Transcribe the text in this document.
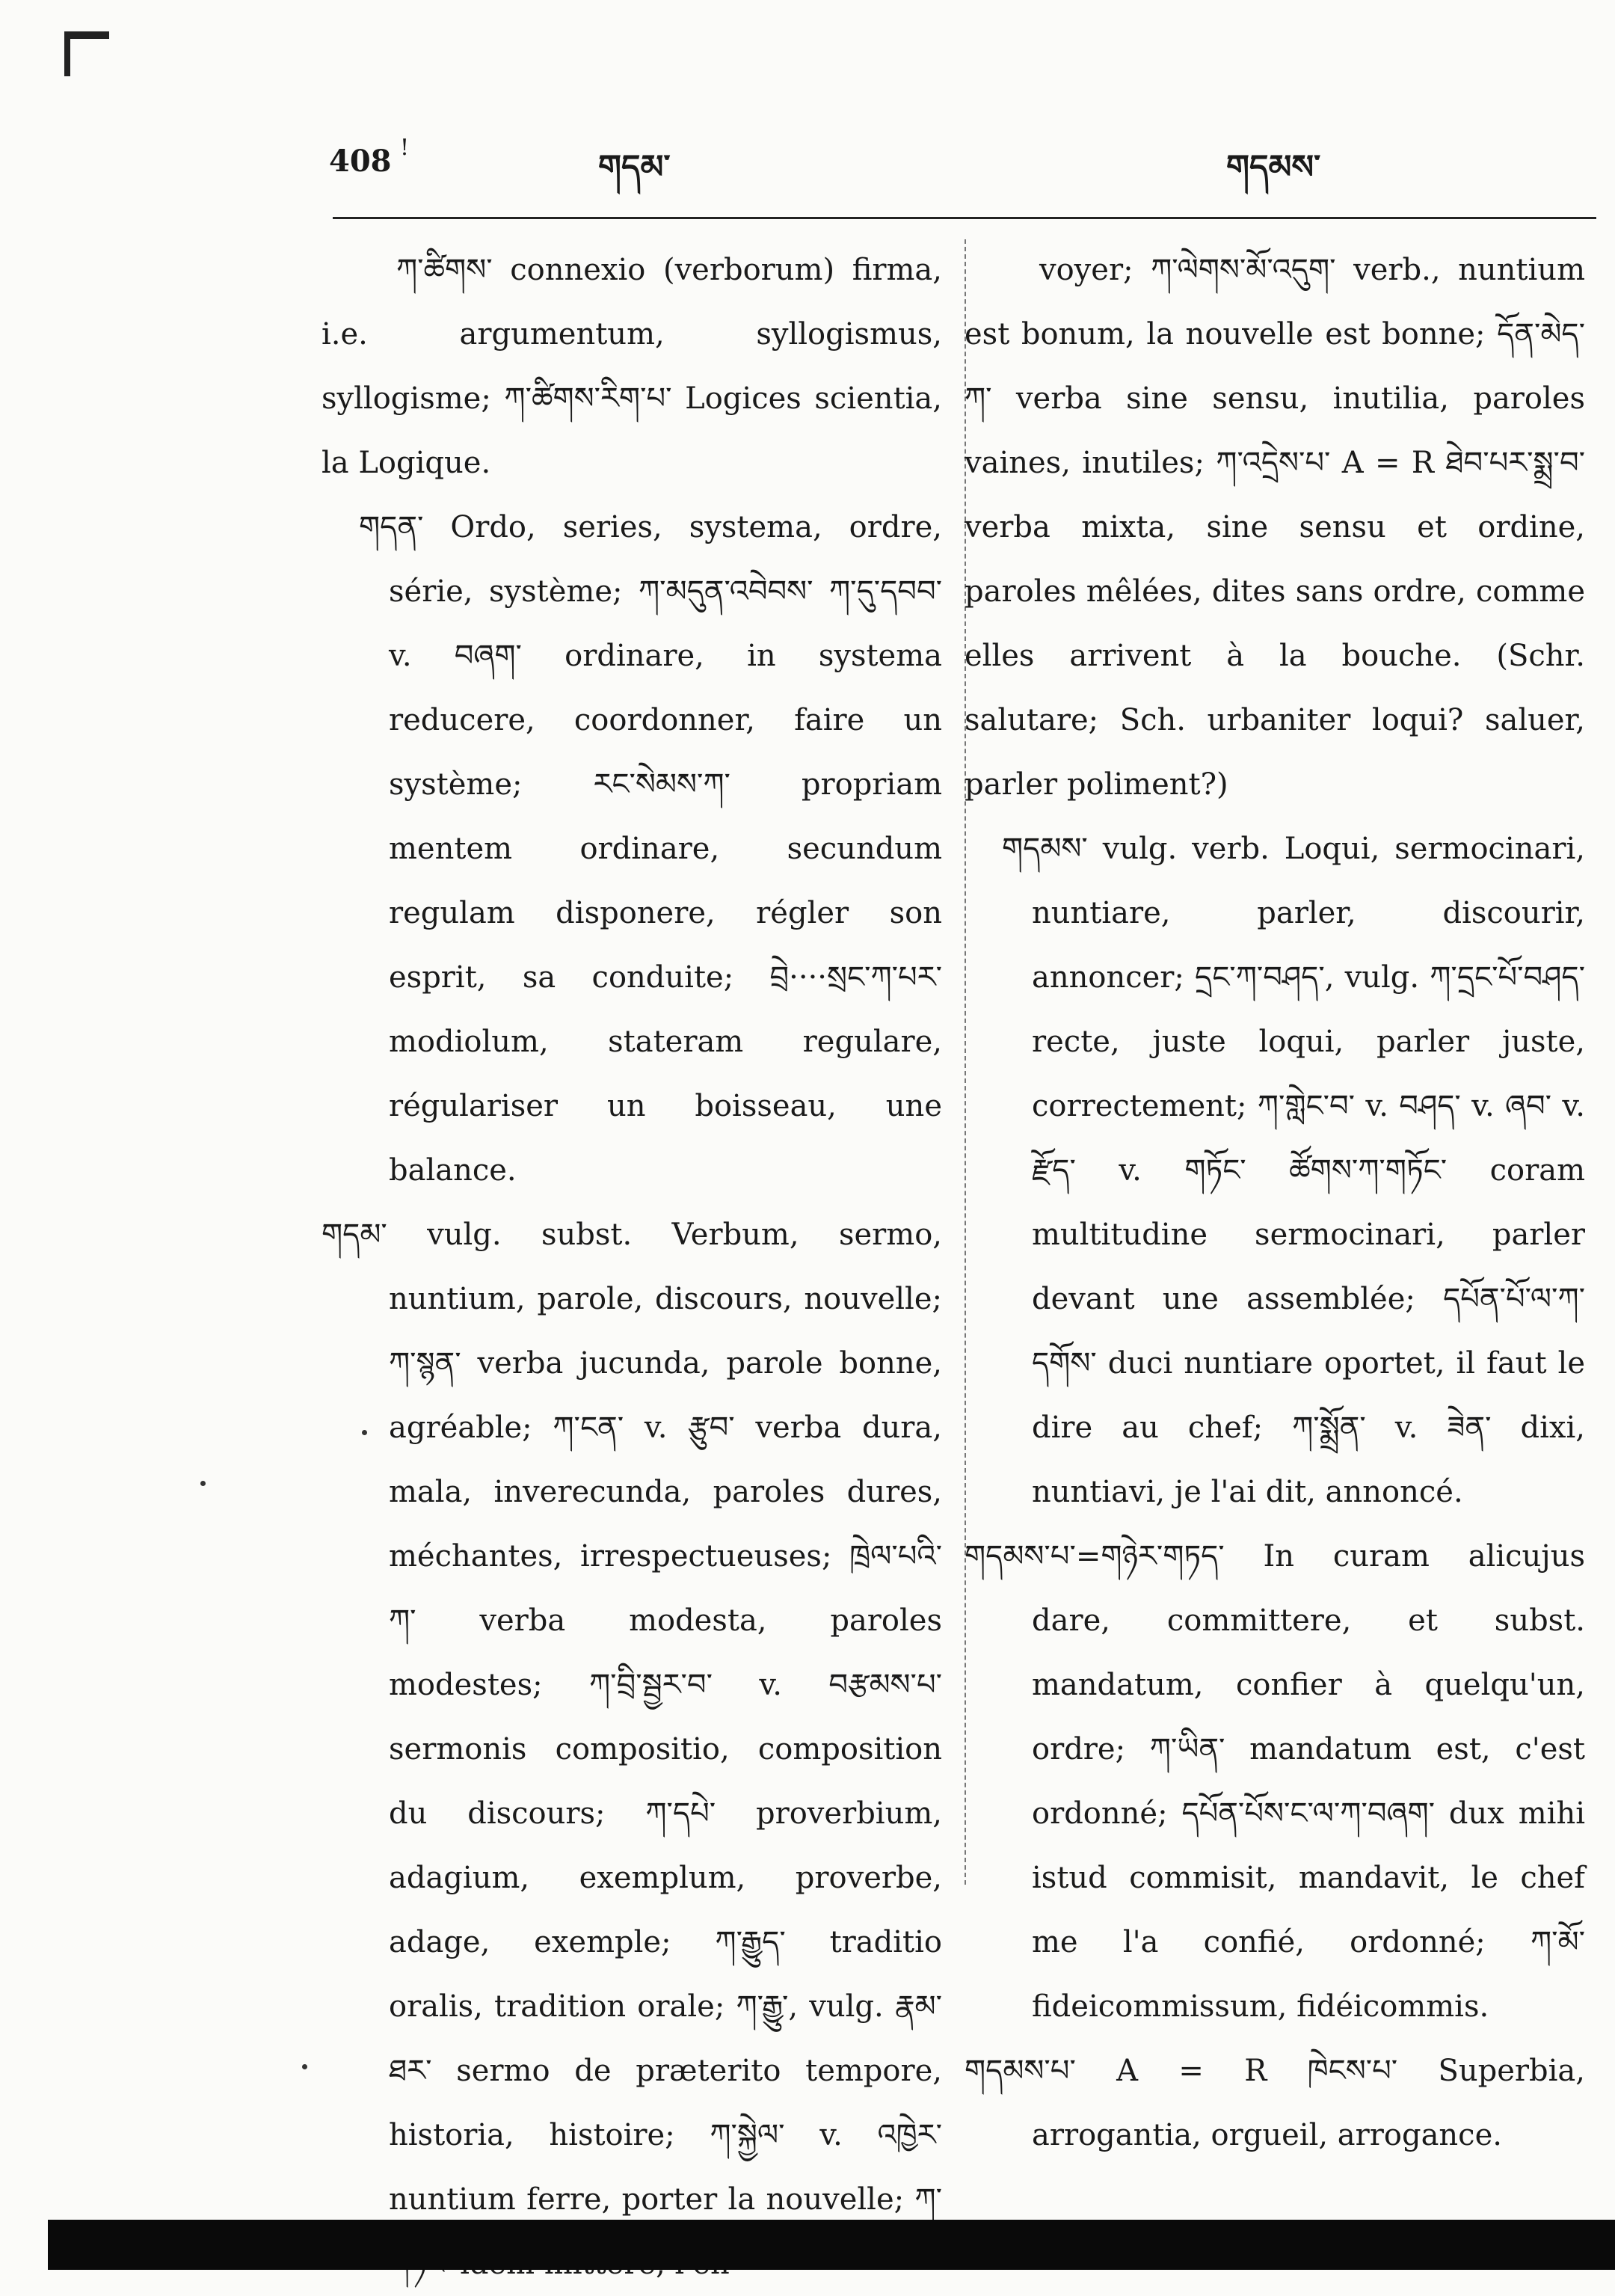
408 !
གདམ་	གདམས་

ཀ་ཚིགས་ connexio (verborum) firma, i.e. argumentum, syllogismus, syllogisme; ཀ་ཚིགས་རིག་པ་ Logices scientia, la Logique.

གདན་ Ordo, series, systema, ordre, série, système; ཀ་མདུན་འབེབས་ ཀ་དུ་དབབ་ v. བཞག་ ordinare, in systema reducere, coordonner, faire un système; རང་སེམས་ཀ་ propriam mentem ordinare, secundum regulam disponere, régler son esprit, sa conduite; བྲེ····སྲང་ཀ་པར་ modiolum, stateram regulare, régulariser un boisseau, une balance.

གདམ་ vulg. subst. Verbum, sermo, nuntium, parole, discours, nouvelle; ཀ་སྙན་ verba jucunda, parole bonne, agréable; ཀ་ངན་ v. རྩུབ་ verba dura, mala, inverecunda, paroles dures, méchantes, irrespectueuses; ཁྲེལ་པའི་ཀ་ verba modesta, paroles modestes; ཀ་བྲི་སྦྱར་བ་ v. བརྩམས་པ་ sermonis compositio, composition du discours; ཀ་དཔེ་ proverbium, adagium, exemplum, proverbe, adage, exemple; ཀ་རྒྱུད་ traditio oralis, tradition orale; ཀ་རྒྱུ་, vulg. རྣམ་ཐར་ sermo de præterito tempore, historia, histoire; ཀ་སྐྱེལ་ v. འཁྱེར་ nuntium ferre, porter la nouvelle; ཀ་

voyer; ཀ་ལེགས་མོ་འདུག་ verb., nuntium est bonum, la nouvelle est bonne; དོན་མེད་ཀ་ verba sine sensu, inutilia, paroles vaines, inutiles; ཀ་འདྲེས་པ་ A = R ཐེབ་པར་སྨྲ་བ་ verba mixta, sine sensu et ordine, paroles mêlées, dites sans ordre, comme elles arrivent à la bouche. (Schr. salutare; Sch. urbaniter loqui? saluer, parler poliment?)

གདམས་ vulg. verb. Loqui, sermocinari, nuntiare, parler, discourir, annoncer; དྲང་ཀ་བཤད་, vulg. ཀ་དྲང་པོ་བཤད་ recte, juste loqui, parler juste, correctement; ཀ་གླེང་བ་ v. བཤད་ v. ཞབ་ v. རྫོད་ v. གཏོང་ ཚོགས་ཀ་གཏོང་ coram multitudine sermocinari, parler devant une assemblée; དཔོན་པོ་ལ་ཀ་དགོས་ duci nuntiare oportet, il faut le dire au chef; ཀ་སྨྲོན་ v. ཟེན་ dixi, nuntiavi, je l'ai dit, annoncé.

གདམས་པ་=གཉེར་གཏད་ In curam alicujus dare, committere, et subst. mandatum, confier à quelqu'un, ordre; ཀ་ཡིན་ mandatum est, c'est ordonné; དཔོན་པོས་ང་ལ་ཀ་བཞག་ dux mihi istud commisit, mandavit, le chef me l'a confié, ordonné; ཀ་མོ་ fideicommissum, fidéicommis.

གདམས་པ་ A = R ཁེངས་པ་ Superbia, arrogantia, orgueil, arrogance.
